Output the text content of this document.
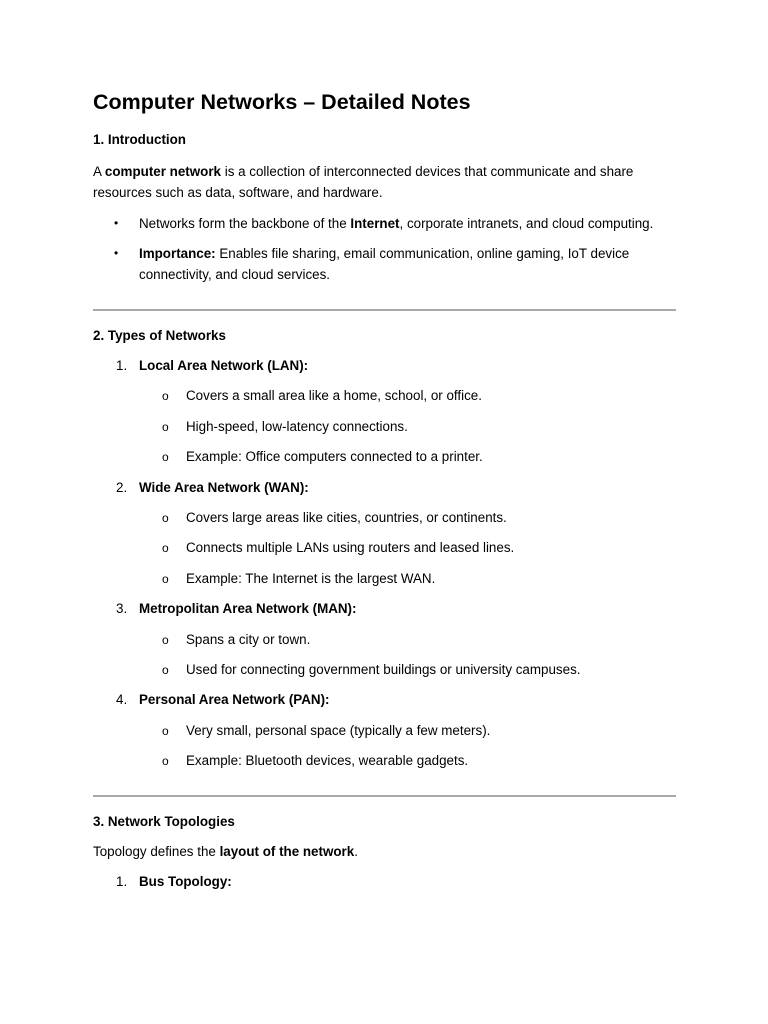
Computer Networks – Detailed Notes
1. Introduction

A computer network is a collection of interconnected devices that communicate and share resources such as data, software, and hardware.

• Networks form the backbone of the Internet, corporate intranets, and cloud computing.
• Importance: Enables file sharing, email communication, online gaming, IoT device connectivity, and cloud services.
2. Types of Networks
1. Local Area Network (LAN):
o Covers a small area like a home, school, or office.
o High-speed, low-latency connections.
o Example: Office computers connected to a printer.
2. Wide Area Network (WAN):
o Covers large areas like cities, countries, or continents.
o Connects multiple LANs using routers and leased lines.
o Example: The Internet is the largest WAN.
3. Metropolitan Area Network (MAN):
o Spans a city or town.
o Used for connecting government buildings or university campuses.
4. Personal Area Network (PAN):
o Very small, personal space (typically a few meters).
o Example: Bluetooth devices, wearable gadgets.
3. Network Topologies

Topology defines the layout of the network.

1. Bus Topology:
